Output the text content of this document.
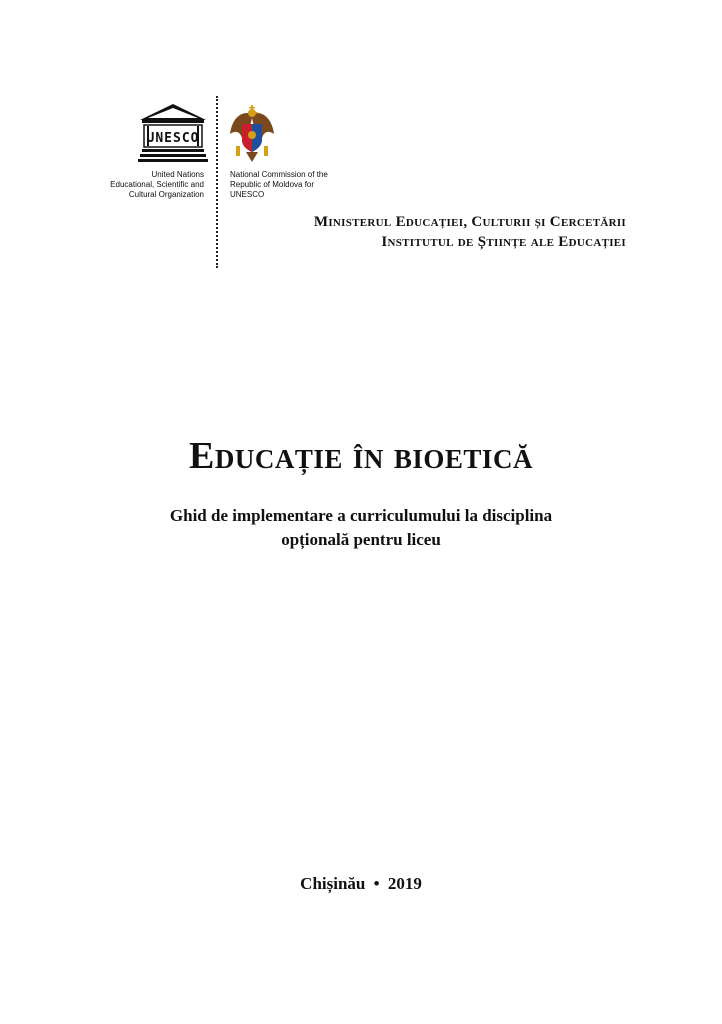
UNESCO
United Nations
Educational, Scientific and
Cultural Organization
National Commission of the
Republic of Moldova for
UNESCO
Ministerul Educației, Culturii și Cercetării
Institutul de Științe ale Educației
Educație în bioetică
Ghid de implementare a curriculumului la disciplina
opțională pentru liceu
Chișinău • 2019
